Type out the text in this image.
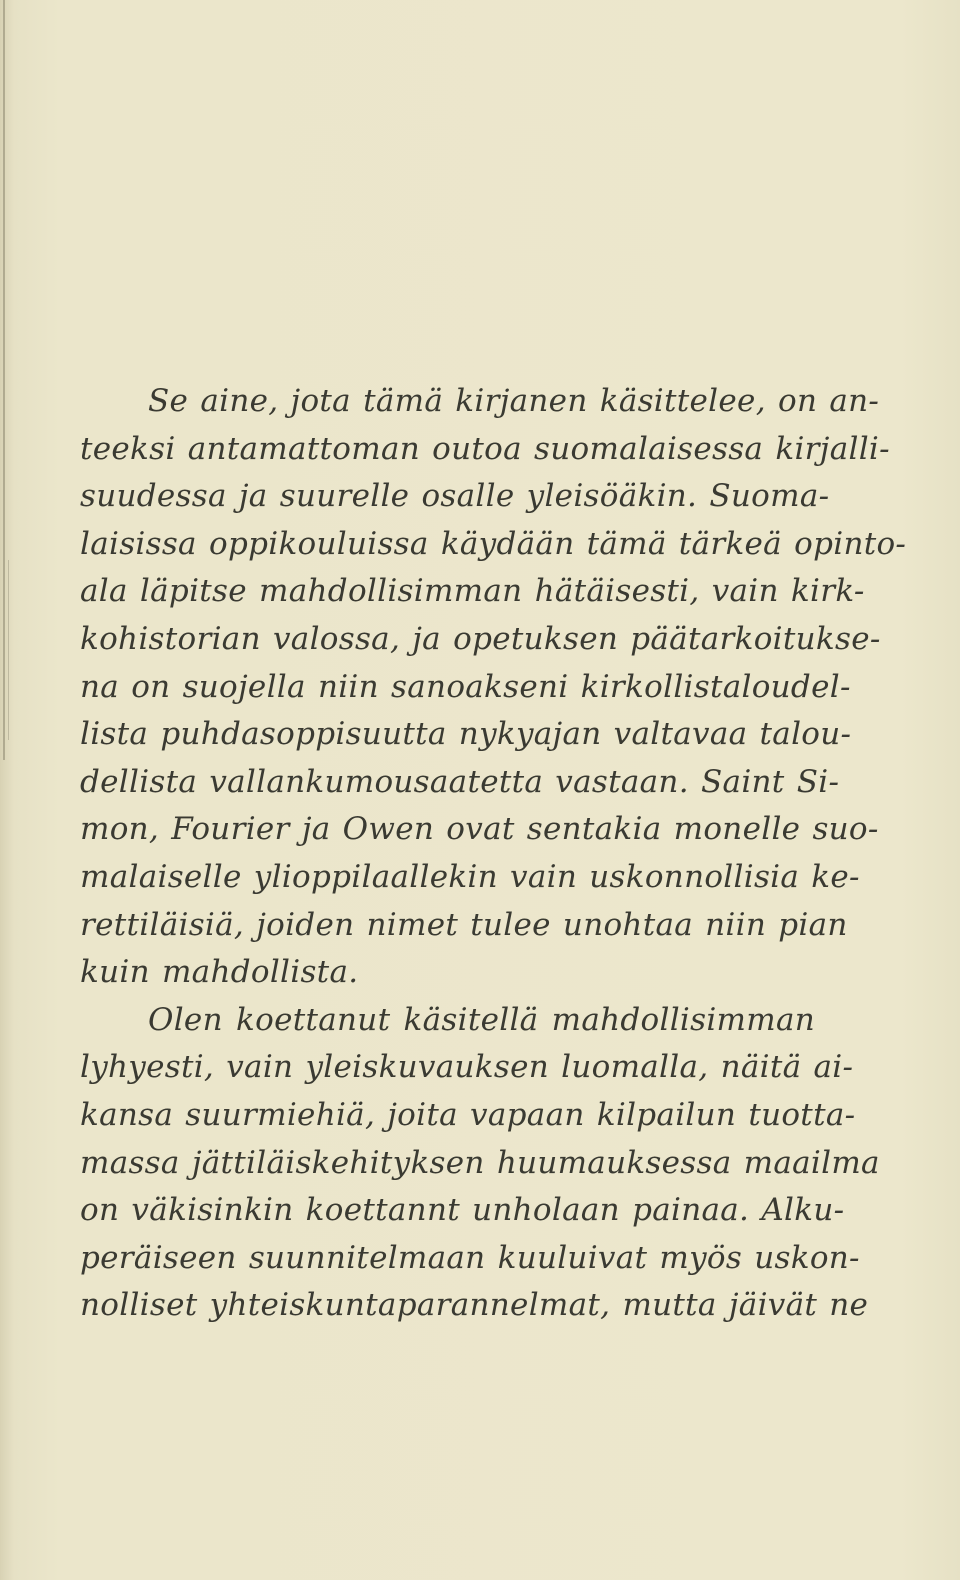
Se aine, jota tämä kirjanen käsittelee, on an-
teeksi antamattoman outoa suomalaisessa kirjalli-
suudessa ja suurelle osalle yleisöäkin. Suoma-
laisissa oppikouluissa käydään tämä tärkeä opinto-
ala läpitse mahdollisimman hätäisesti, vain kirk-
kohistorian valossa, ja opetuksen päätarkoitukse-
na on suojella niin sanoakseni kirkollistaloudel-
lista puhdasoppisuutta nykyajan valtavaa talou-
dellista vallankumousaatetta vastaan. Saint Si-
mon, Fourier ja Owen ovat sentakia monelle suo-
malaiselle ylioppilaallekin vain uskonnollisia ke-
rettiläisiä, joiden nimet tulee unohtaa niin pian
kuin mahdollista.
Olen koettanut käsitellä mahdollisimman
lyhyesti, vain yleiskuvauksen luomalla, näitä ai-
kansa suurmiehiä, joita vapaan kilpailun tuotta-
massa jättiläiskehityksen huumauksessa maailma
on väkisinkin koettannt unholaan painaa. Alku-
peräiseen suunnitelmaan kuuluivat myös uskon-
nolliset yhteiskuntaparannelmat, mutta jäivät ne
